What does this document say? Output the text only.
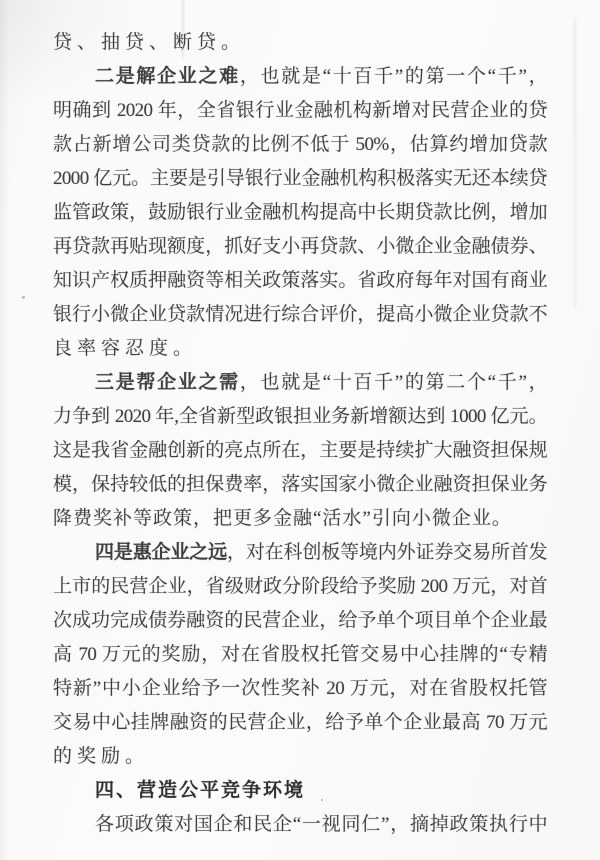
贷、抽贷、断贷。
二是解企业之难，也就是“十百千”的第一个“千”，
明确到 2020 年，全省银行业金融机构新增对民营企业的贷
款占新增公司类贷款的比例不低于 50%，估算约增加贷款
2000 亿元。主要是引导银行业金融机构积极落实无还本续贷
监管政策，鼓励银行业金融机构提高中长期贷款比例，增加
再贷款再贴现额度，抓好支小再贷款、小微企业金融债券、
知识产权质押融资等相关政策落实。省政府每年对国有商业
银行小微企业贷款情况进行综合评价，提高小微企业贷款不
良率容忍度。
三是帮企业之需，也就是“十百千”的第二个“千”，
力争到 2020 年,全省新型政银担业务新增额达到 1000 亿元。
这是我省金融创新的亮点所在，主要是持续扩大融资担保规
模，保持较低的担保费率，落实国家小微企业融资担保业务
降费奖补等政策，把更多金融“活水”引向小微企业。
四是惠企业之远，对在科创板等境内外证券交易所首发
上市的民营企业，省级财政分阶段给予奖励 200 万元，对首
次成功完成债券融资的民营企业，给予单个项目单个企业最
高 70 万元的奖励，对在省股权托管交易中心挂牌的“专精
特新”中小企业给予一次性奖补 20 万元，对在省股权托管
交易中心挂牌融资的民营企业，给予单个企业最高 70 万元
的奖励。
四、营造公平竞争环境
各项政策对国企和民企“一视同仁”，摘掉政策执行中
